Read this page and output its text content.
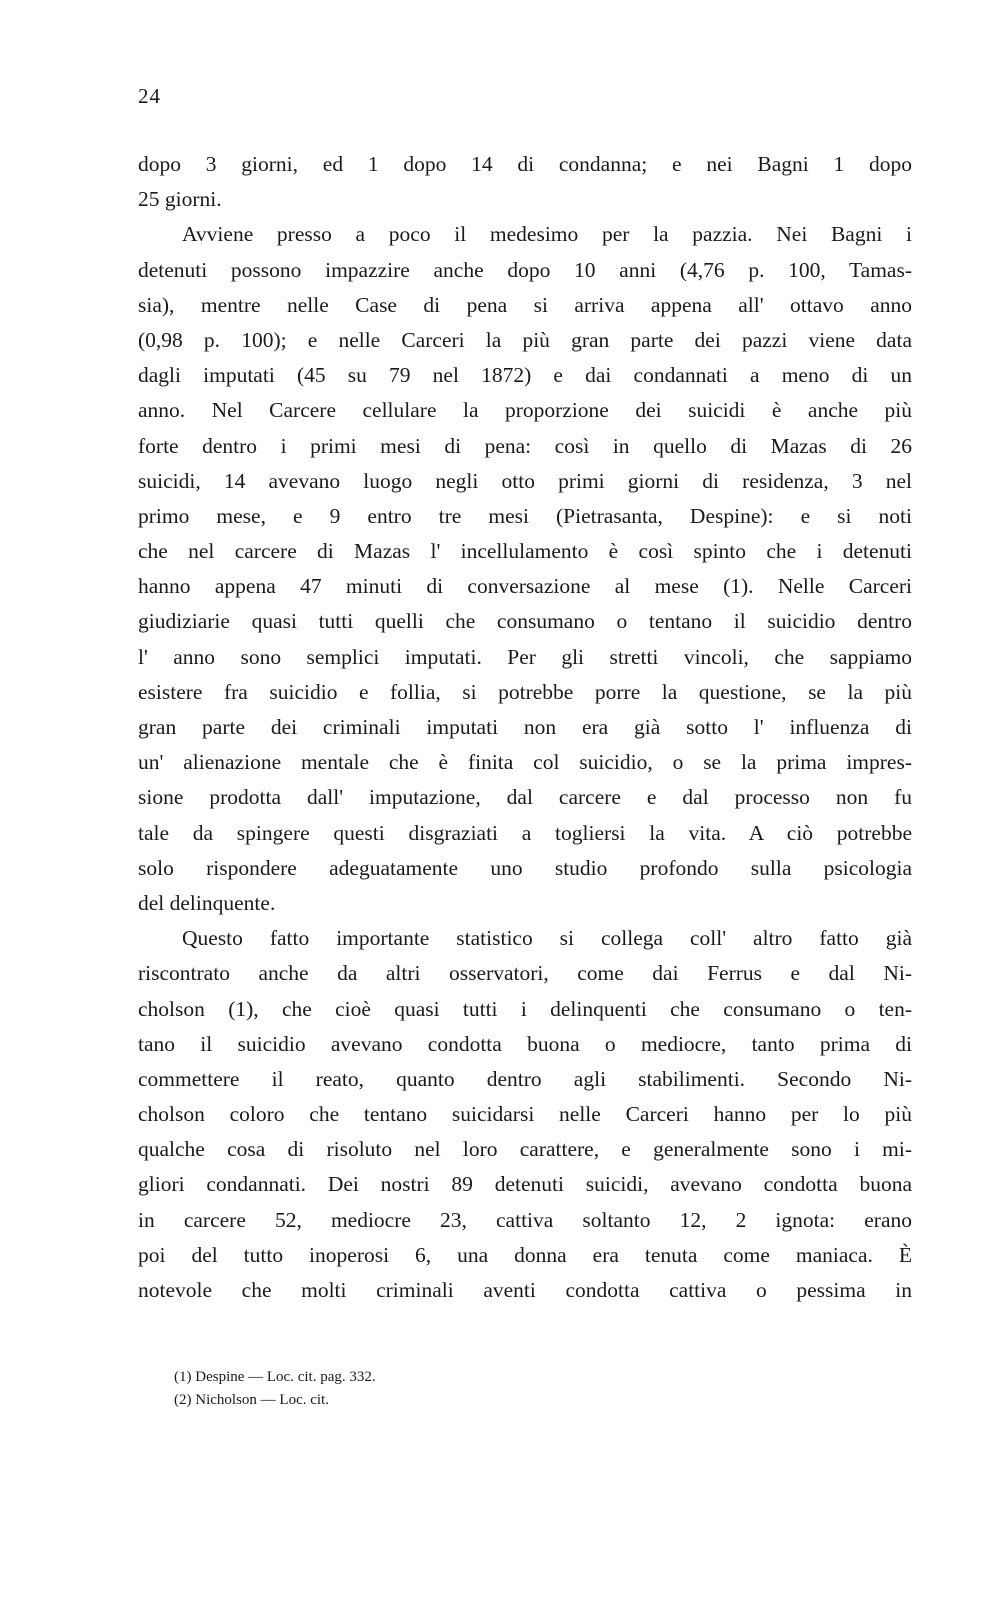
24
dopo 3 giorni, ed 1 dopo 14 di condanna; e nei Bagni 1 dopo
25 giorni.
Avviene presso a poco il medesimo per la pazzia. Nei Bagni i
detenuti possono impazzire anche dopo 10 anni (4,76 p. 100, Tamas-
sia), mentre nelle Case di pena si arriva appena all' ottavo anno
(0,98 p. 100); e nelle Carceri la più gran parte dei pazzi viene data
dagli imputati (45 su 79 nel 1872) e dai condannati a meno di un
anno. Nel Carcere cellulare la proporzione dei suicidi è anche più
forte dentro i primi mesi di pena: così in quello di Mazas di 26
suicidi, 14 avevano luogo negli otto primi giorni di residenza, 3 nel
primo mese, e 9 entro tre mesi (Pietrasanta, Despine): e si noti
che nel carcere di Mazas l' incellulamento è così spinto che i detenuti
hanno appena 47 minuti di conversazione al mese (1). Nelle Carceri
giudiziarie quasi tutti quelli che consumano o tentano il suicidio dentro
l' anno sono semplici imputati. Per gli stretti vincoli, che sappiamo
esistere fra suicidio e follia, si potrebbe porre la questione, se la più
gran parte dei criminali imputati non era già sotto l' influenza di
un' alienazione mentale che è finita col suicidio, o se la prima impres-
sione prodotta dall' imputazione, dal carcere e dal processo non fu
tale da spingere questi disgraziati a togliersi la vita. A ciò potrebbe
solo rispondere adeguatamente uno studio profondo sulla psicologia
del delinquente.
Questo fatto importante statistico si collega coll' altro fatto già
riscontrato anche da altri osservatori, come dai Ferrus e dal Ni-
cholson (1), che cioè quasi tutti i delinquenti che consumano o ten-
tano il suicidio avevano condotta buona o mediocre, tanto prima di
commettere il reato, quanto dentro agli stabilimenti. Secondo Ni-
cholson coloro che tentano suicidarsi nelle Carceri hanno per lo più
qualche cosa di risoluto nel loro carattere, e generalmente sono i mi-
gliori condannati. Dei nostri 89 detenuti suicidi, avevano condotta buona
in carcere 52, mediocre 23, cattiva soltanto 12, 2 ignota: erano
poi del tutto inoperosi 6, una donna era tenuta come maniaca. È
notevole che molti criminali aventi condotta cattiva o pessima in
(1) Despine — Loc. cit. pag. 332.
(2) Nicholson — Loc. cit.
